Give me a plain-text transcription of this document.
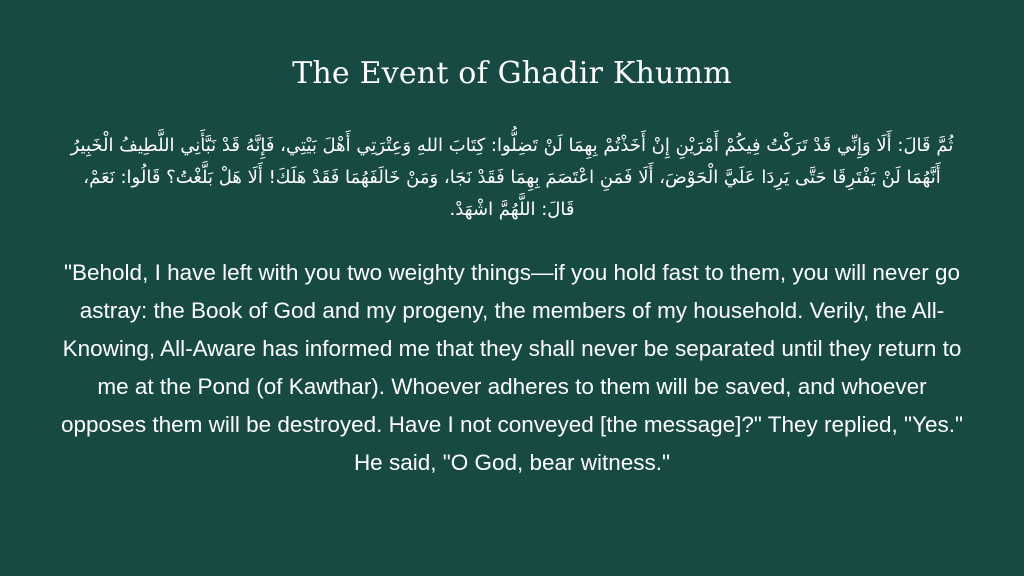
The Event of Ghadir Khumm

ثُمَّ قَالَ: أَلَا وَإِنِّي قَدْ تَرَكْتُ فِيكُمْ أَمْرَيْنِ إِنْ أَخَذْتُمْ بِهِمَا لَنْ تَضِلُّوا: كِتَابَ اللهِ وَعِتْرَتِي أَهْلَ بَيْتِي، فَإِنَّهُ قَدْ نَبَّأَنِي اللَّطِيفُ الْخَبِيرُ أَنَّهُمَا لَنْ يَفْتَرِقَا حَتَّى يَرِدَا عَلَيَّ الْحَوْضَ، أَلَا فَمَنِ اعْتَصَمَ بِهِمَا فَقَدْ نَجَا، وَمَنْ خَالَفَهُمَا فَقَدْ هَلَكَ! أَلَا هَلْ بَلَّغْتُ؟ قَالُوا: نَعَمْ، قَالَ: اللَّهُمَّ اشْهَدْ.

"Behold, I have left with you two weighty things—if you hold fast to them, you will never go astray: the Book of God and my progeny, the members of my household. Verily, the All-Knowing, All-Aware has informed me that they shall never be separated until they return to me at the Pond (of Kawthar). Whoever adheres to them will be saved, and whoever opposes them will be destroyed. Have I not conveyed [the message]?" They replied, "Yes." He said, "O God, bear witness."
